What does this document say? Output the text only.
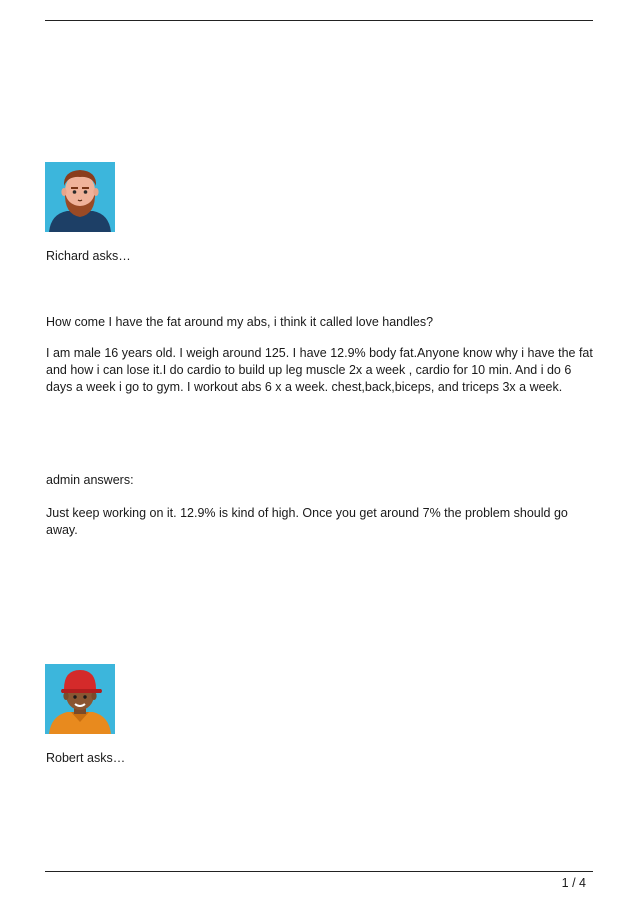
Richard asks…
How come I have the fat around my abs, i think it called love handles?
I am male 16 years old. I weigh around 125. I have 12.9% body fat.Anyone know why i have the fat and how i can lose it.I do cardio to build up leg muscle 2x a week , cardio for 10 min. And i do 6 days a week i go to gym. I workout abs 6 x a week. chest,back,biceps, and triceps 3x a week.
admin answers:
Just keep working on it. 12.9% is kind of high. Once you get around 7% the problem should go away.
Robert asks…
1 / 4
